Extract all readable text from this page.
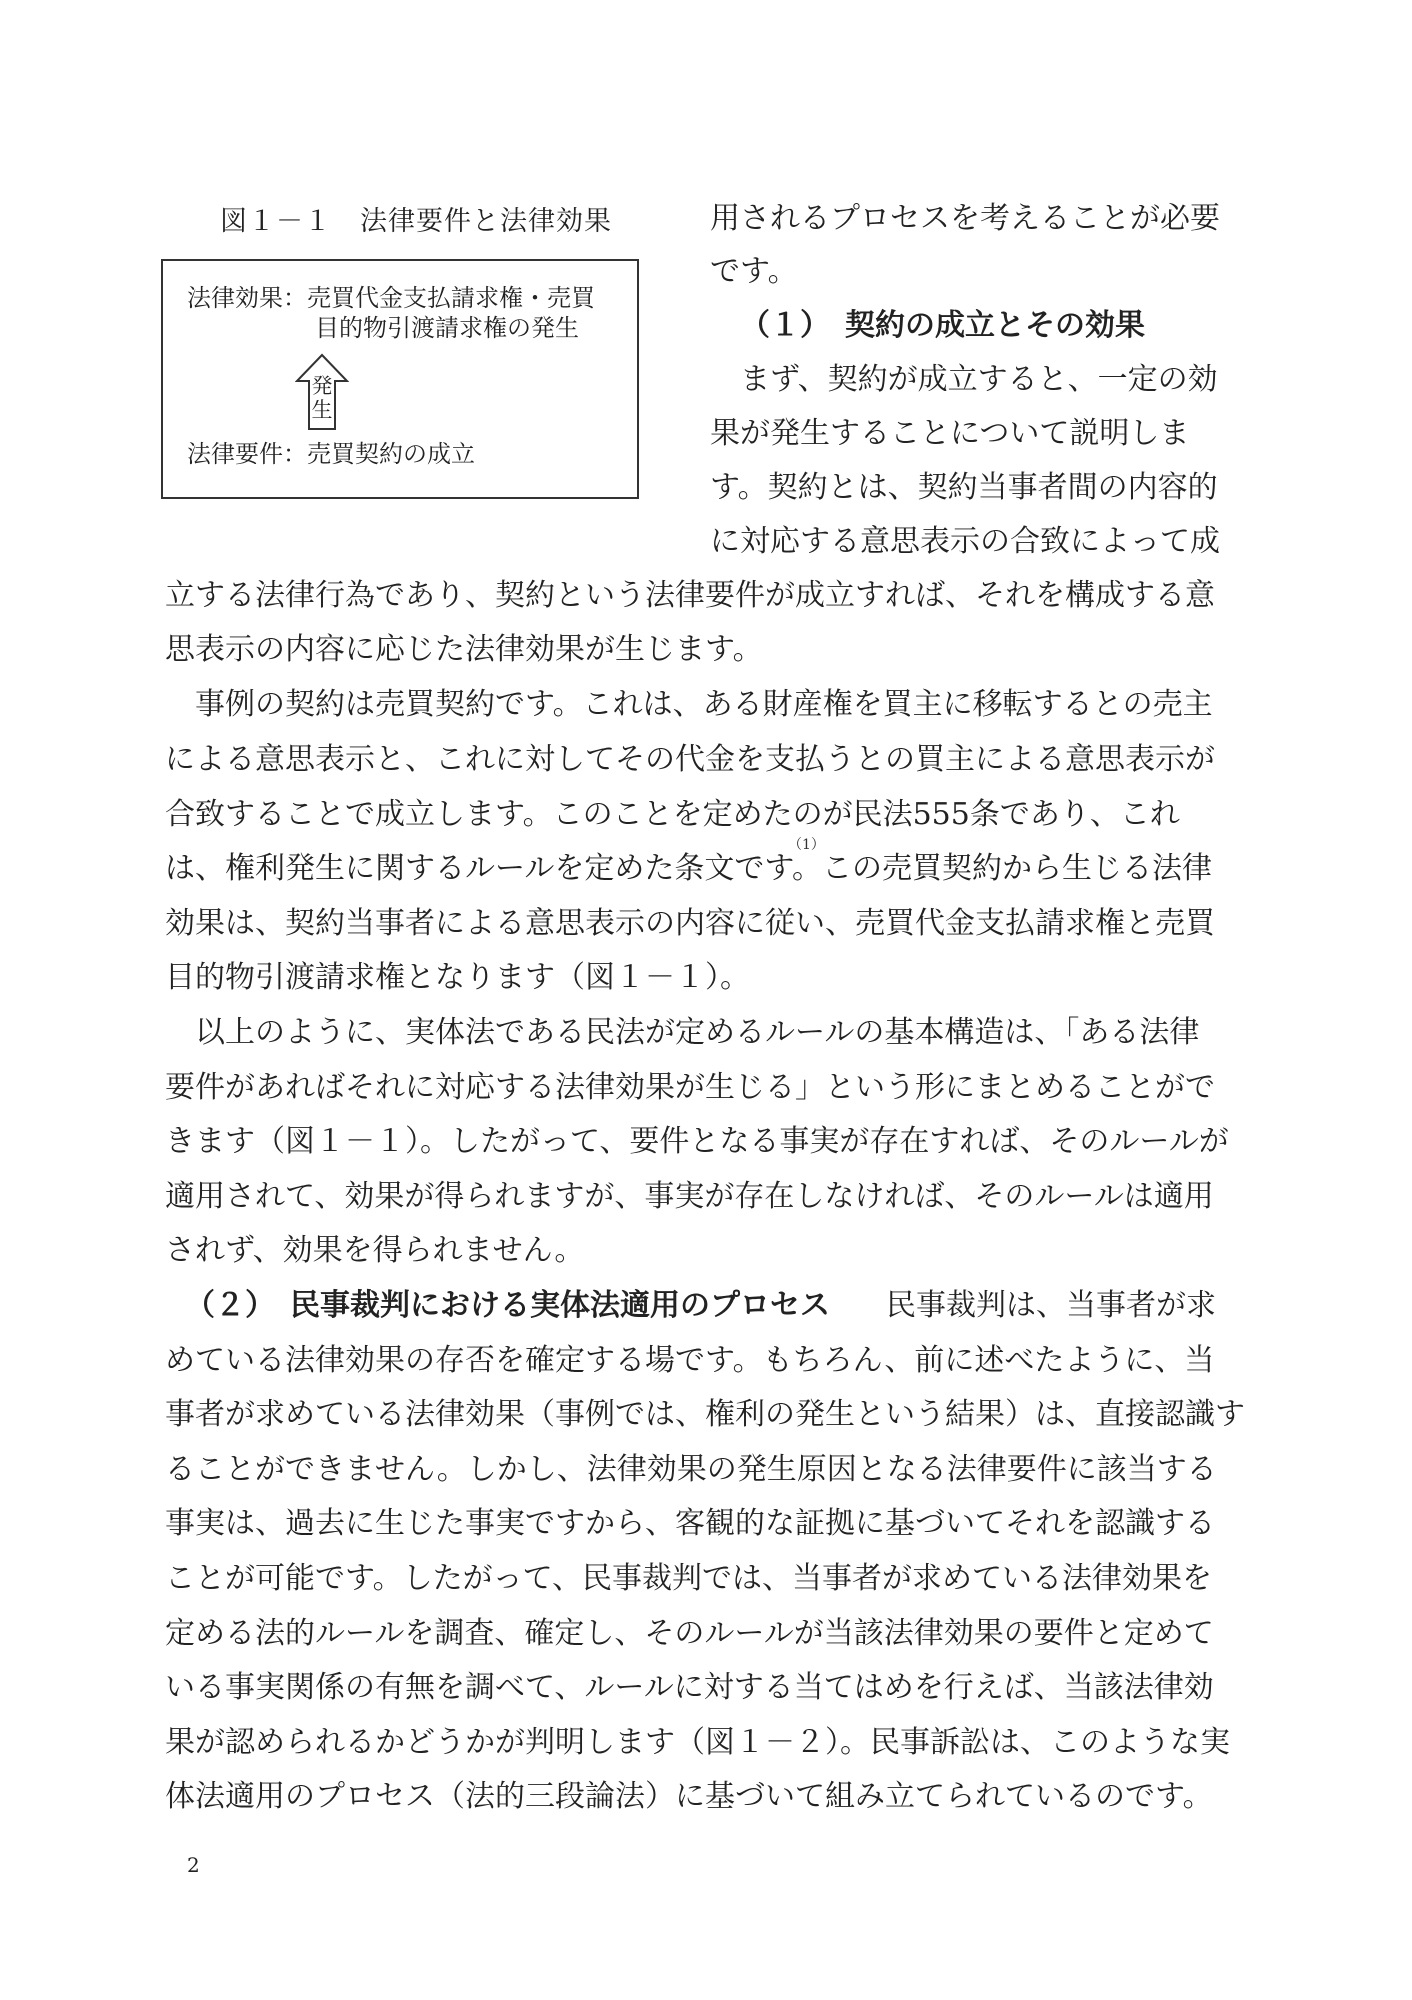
図１－１　法律要件と法律効果
法律効果：売買代金支払請求権・売買
目的物引渡請求権の発生
発
生
法律要件：売買契約の成立
用されるプロセスを考えることが必要
です。
（１）　契約の成立とその効果
　まず、契約が成立すると、一定の効
果が発生することについて説明しま
す。契約とは、契約当事者間の内容的
に対応する意思表示の合致によって成
立する法律行為であり、契約という法律要件が成立すれば、それを構成する意
思表示の内容に応じた法律効果が生じます。
　事例の契約は売買契約です。これは、ある財産権を買主に移転するとの売主
による意思表示と、これに対してその代金を支払うとの買主による意思表示が
合致することで成立します。このことを定めたのが民法555条であり、これ
（1）
は、権利発生に関するルールを定めた条文です。この売買契約から生じる法律
効果は、契約当事者による意思表示の内容に従い、売買代金支払請求権と売買
目的物引渡請求権となります（図１－１）。
　以上のように、実体法である民法が定めるルールの基本構造は、「ある法律
要件があればそれに対応する法律効果が生じる」という形にまとめることがで
きます（図１－１）。したがって、要件となる事実が存在すれば、そのルールが
適用されて、効果が得られますが、事実が存在しなければ、そのルールは適用
されず、効果を得られません。
（２）　民事裁判における実体法適用のプロセス 民事裁判は、当事者が求
めている法律効果の存否を確定する場です。もちろん、前に述べたように、当
事者が求めている法律効果（事例では、権利の発生という結果）は、直接認識す
ることができません。しかし、法律効果の発生原因となる法律要件に該当する
事実は、過去に生じた事実ですから、客観的な証拠に基づいてそれを認識する
ことが可能です。したがって、民事裁判では、当事者が求めている法律効果を
定める法的ルールを調査、確定し、そのルールが当該法律効果の要件と定めて
いる事実関係の有無を調べて、ルールに対する当てはめを行えば、当該法律効
果が認められるかどうかが判明します（図１－２）。民事訴訟は、このような実
体法適用のプロセス（法的三段論法）に基づいて組み立てられているのです。
2
